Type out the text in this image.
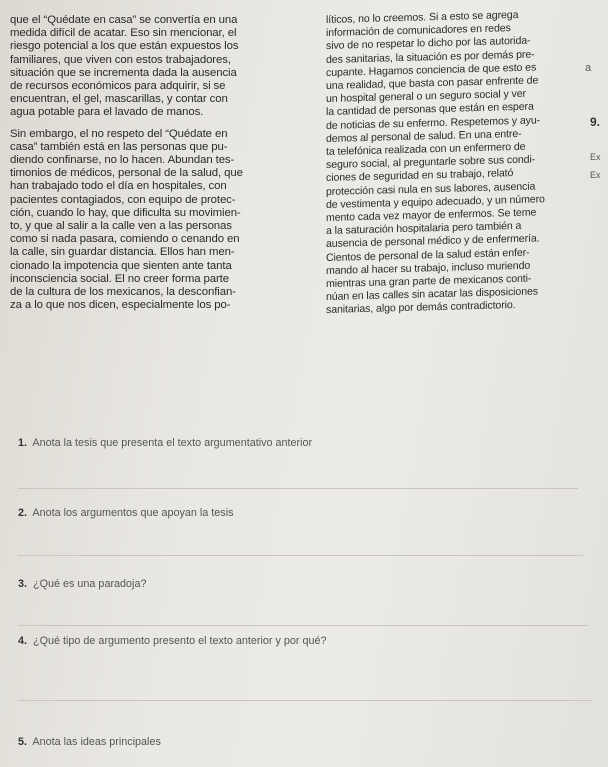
que el “Quédate en casa” se convertía en una

medida difícil de acatar. Eso sin mencionar, el

riesgo potencial a los que están expuestos los

familiares, que viven con estos trabajadores,

situación que se incrementa dada la ausencia

de recursos económicos para adquirir, si se

encuentran, el gel, mascarillas, y contar con

agua potable para el lavado de manos.

Sin embargo, el no respeto del “Quédate en

casa” también está en las personas que pu-

diendo confinarse, no lo hacen. Abundan tes-

timonios de médicos, personal de la salud, que

han trabajado todo el día en hospitales, con

pacientes contagiados, con equipo de protec-

ción, cuando lo hay, que dificulta su movimien-

to, y que al salir a la calle ven a las personas

como si nada pasara, comiendo o cenando en

la calle, sin guardar distancia. Ellos han men-

cionado la impotencia que sienten ante tanta

inconsciencia social. El no creer forma parte

de la cultura de los mexicanos, la desconfian-

za a lo que nos dicen, especialmente los po-

líticos, no lo creemos. Si a esto se agrega

información de comunicadores en redes

sivo de no respetar lo dicho por las autorida-

des sanitarias, la situación es por demás pre-

cupante. Hagamos conciencia de que esto es

una realidad, que basta con pasar enfrente de

un hospital general o un seguro social y ver

la cantidad de personas que están en espera

de noticias de su enfermo. Respetemos y ayu-

demos al personal de salud. En una entre-

ta telefónica realizada con un enfermero de

seguro social, al preguntarle sobre sus condi-

ciones de seguridad en su trabajo, relató

protección casi nula en sus labores, ausencia

de vestimenta y equipo adecuado, y un número

mento cada vez mayor de enfermos. Se teme

a la saturación hospitalaria pero también a

ausencia de personal médico y de enfermería.

Cientos de personal de la salud están enfer-

mando al hacer su trabajo, incluso muriendo

mientras una gran parte de mexicanos conti-

núan en las calles sin acatar las disposiciones

sanitarias, algo por demás contradictorio.

a
9.
Ex
Ex
1. Anota la tesis que presenta el texto argumentativo anterior
2. Anota los argumentos que apoyan la tesis
3. ¿Qué es una paradoja?
4. ¿Qué tipo de argumento presento el texto anterior y por qué?
5. Anota las ideas principales
